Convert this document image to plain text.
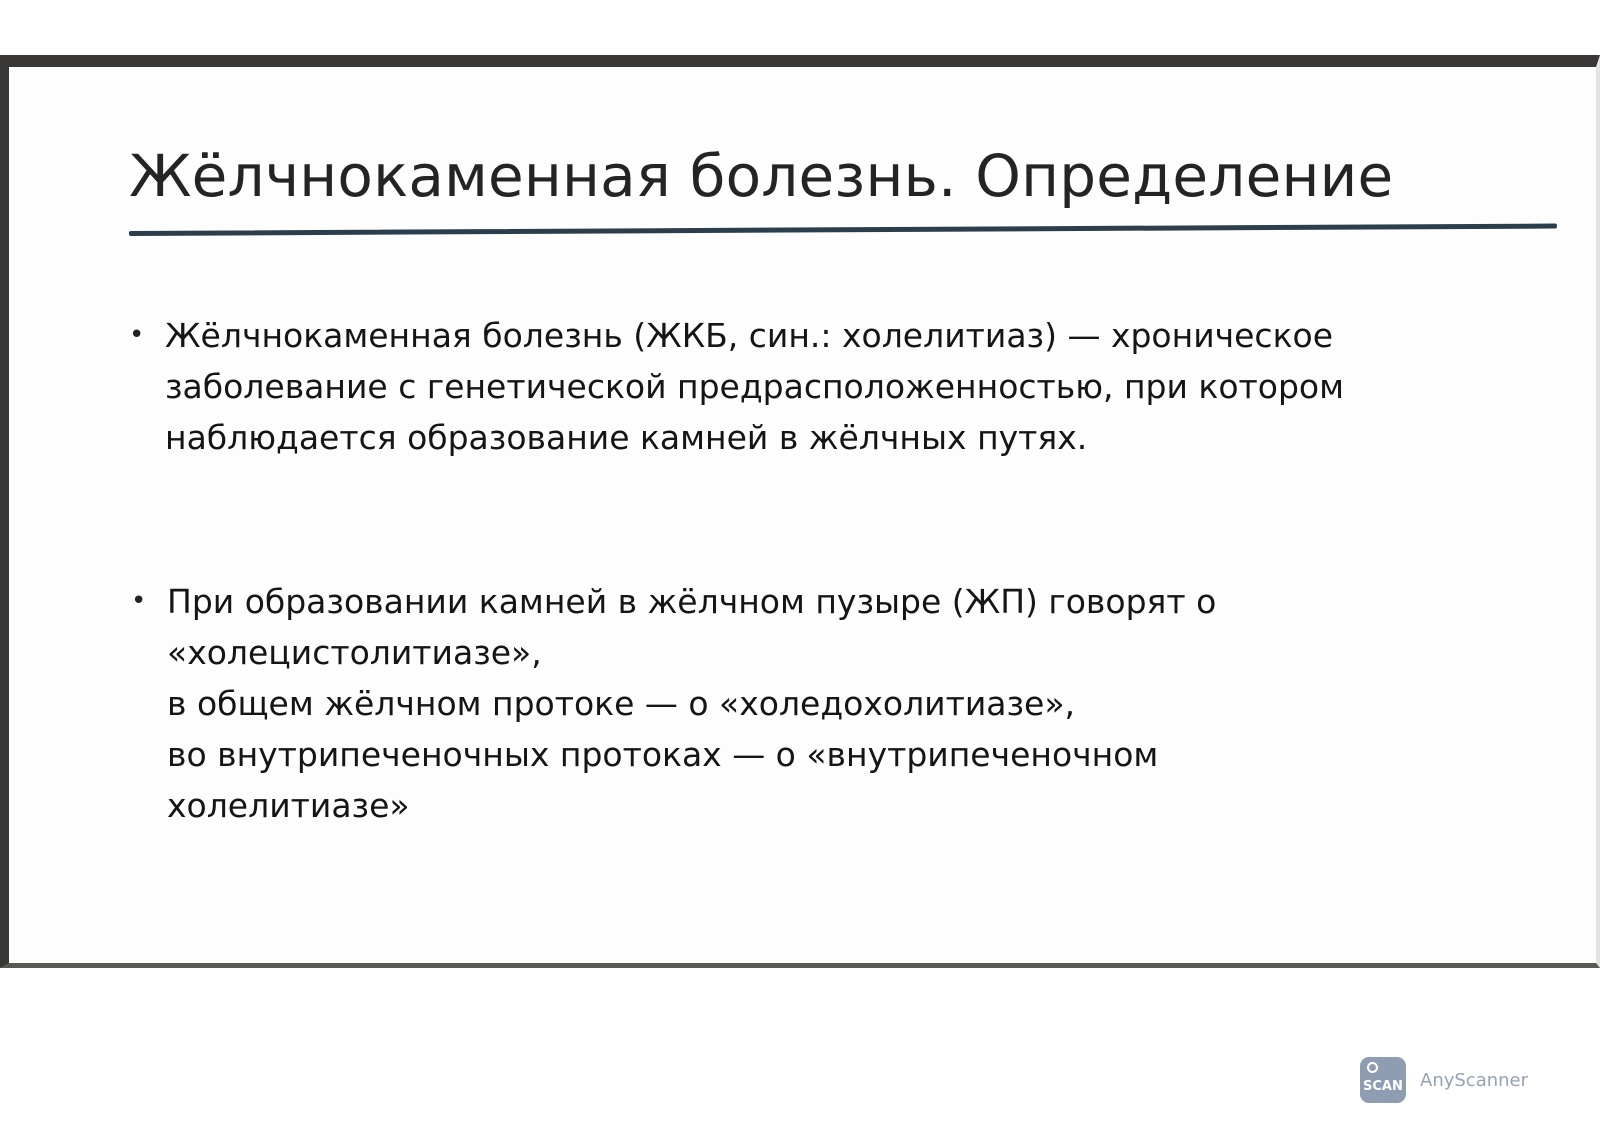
Жёлчнокаменная болезнь. Определение
• Жёлчнокаменная болезнь (ЖКБ, син.: холелитиаз) — хроническое
заболевание с генетической предрасположенностью, при котором
наблюдается образование камней в жёлчных путях.
• При образовании камней в жёлчном пузыре (ЖП) говорят о
«холецистолитиазе»,
в общем жёлчном протоке — о «холедохолитиазе»,
во внутрипеченочных протоках — о «внутрипеченочном
холелитиазе»
SCAN AnyScanner
